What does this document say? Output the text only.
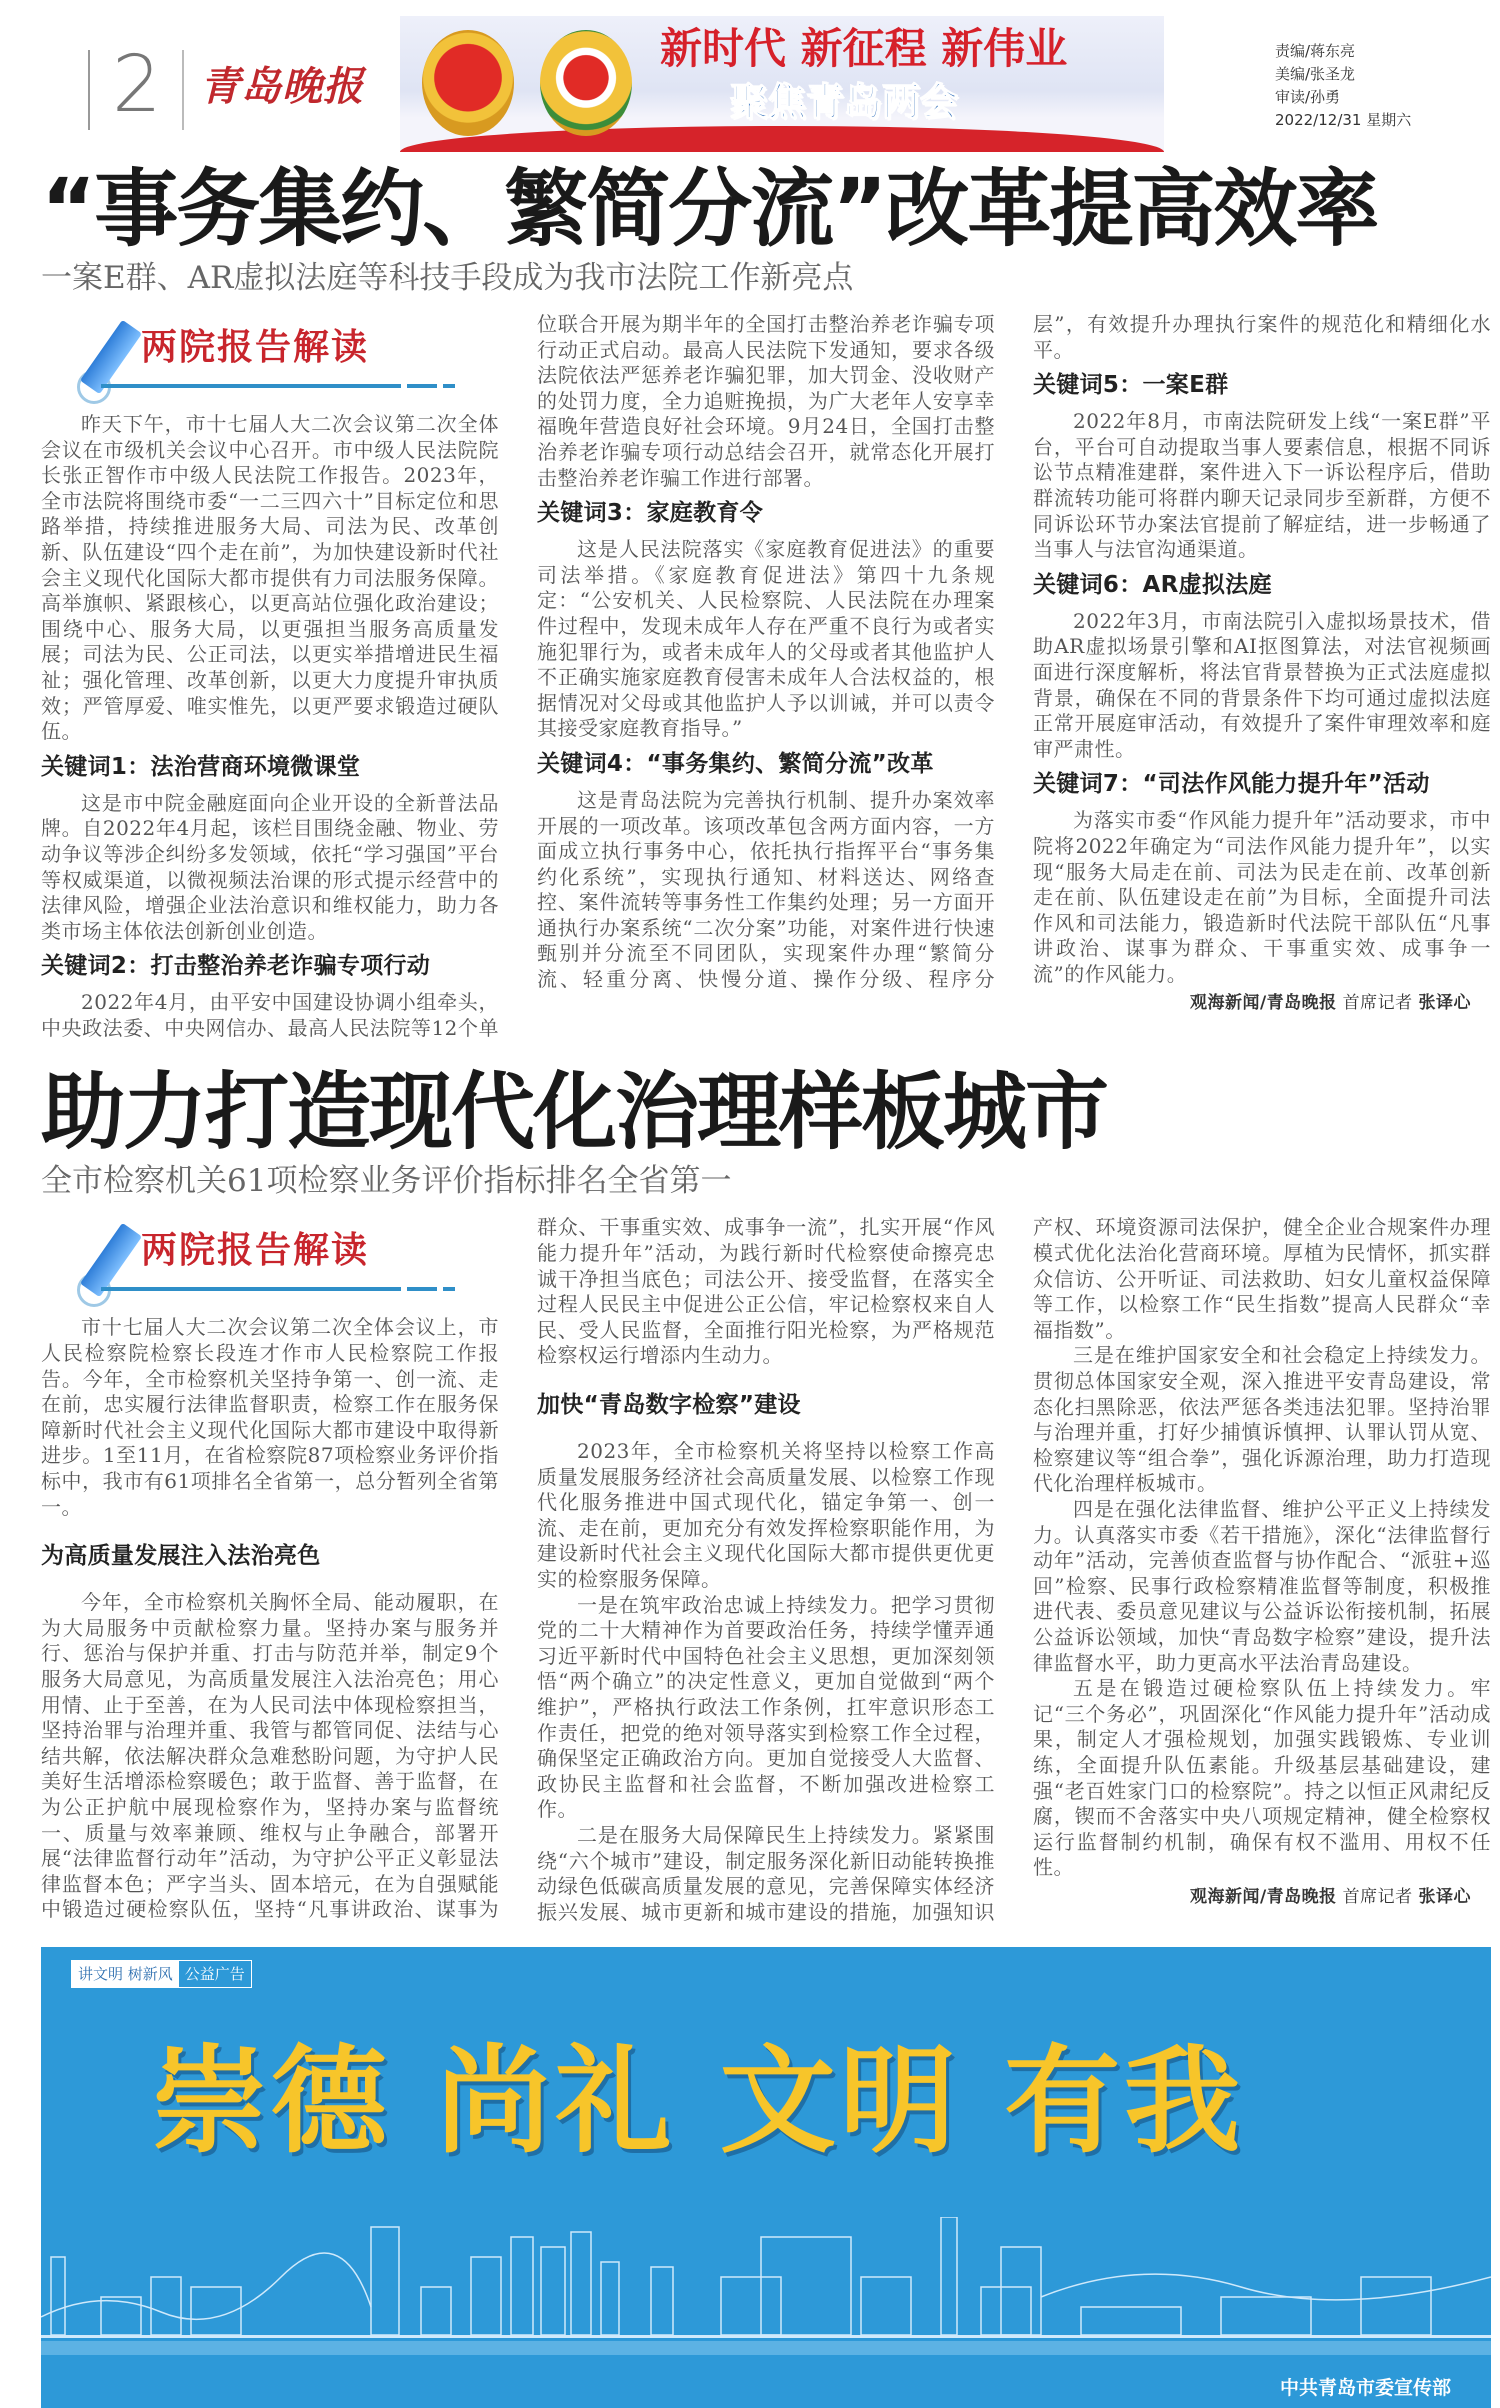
2 青岛晚报
新时代 新征程 新伟业
聚焦青岛两会
责编/蒋东亮
美编/张圣龙
审读/孙勇
2022/12/31 星期六
“事务集约、繁简分流”改革提高效率
一案E群、AR虚拟法庭等科技手段成为我市法院工作新亮点
两院报告解读

昨天下午，市十七届人大二次会议第二次全体会议在市级机关会议中心召开。市中级人民法院院长张正智作市中级人民法院工作报告。2023年，全市法院将围绕市委“一二三四六十”目标定位和思路举措，持续推进服务大局、司法为民、改革创新、队伍建设“四个走在前”，为加快建设新时代社会主义现代化国际大都市提供有力司法服务保障。高举旗帜、紧跟核心，以更高站位强化政治建设；围绕中心、服务大局，以更强担当服务高质量发展；司法为民、公正司法，以更实举措增进民生福祉；强化管理、改革创新，以更大力度提升审执质效；严管厚爱、唯实惟先，以更严要求锻造过硬队伍。

关键词1：法治营商环境微课堂

这是市中院金融庭面向企业开设的全新普法品牌。自2022年4月起，该栏目围绕金融、物业、劳动争议等涉企纠纷多发领域，依托“学习强国”平台等权威渠道，以微视频法治课的形式提示经营中的法律风险，增强企业法治意识和维权能力，助力各类市场主体依法创新创业创造。

关键词2：打击整治养老诈骗专项行动

2022年4月，由平安中国建设协调小组牵头，中央政法委、中央网信办、最高人民法院等12个单位联合开展为期半年的全国打击整治养老诈骗专项行动正式启动。最高人民法院下发通知，要求各级法院依法严惩养老诈骗犯罪，加大罚金、没收财产的处罚力度，全力追赃挽损，为广大老年人安享幸福晚年营造良好社会环境。9月24日，全国打击整治养老诈骗专项行动总结会召开，就常态化开展打击整治养老诈骗工作进行部署。

关键词3：家庭教育令

这是人民法院落实《家庭教育促进法》的重要司法举措。《家庭教育促进法》第四十九条规定：“公安机关、人民检察院、人民法院在办理案件过程中，发现未成年人存在严重不良行为或者实施犯罪行为，或者未成年人的父母或者其他监护人不正确实施家庭教育侵害未成年人合法权益的，根据情况对父母或其他监护人予以训诫，并可以责令其接受家庭教育指导。”

关键词4：“事务集约、繁简分流”改革

这是青岛法院为完善执行机制、提升办案效率开展的一项改革。该项改革包含两方面内容，一方面成立执行事务中心，依托执行指挥平台“事务集约化系统”，实现执行通知、材料送达、网络查控、案件流转等事务性工作集约处理；另一方面开通执行办案系统“二次分案”功能，对案件进行快速甄别并分流至不同团队，实现案件办理“繁简分流、轻重分离、快慢分道、操作分级、程序分层”，有效提升办理执行案件的规范化和精细化水平。

关键词5：一案E群

2022年8月，市南法院研发上线“一案E群”平台，平台可自动提取当事人要素信息，根据不同诉讼节点精准建群，案件进入下一诉讼程序后，借助群流转功能可将群内聊天记录同步至新群，方便不同诉讼环节办案法官提前了解症结，进一步畅通了当事人与法官沟通渠道。

关键词6：AR虚拟法庭

2022年3月，市南法院引入虚拟场景技术，借助AR虚拟场景引擎和AI抠图算法，对法官视频画面进行深度解析，将法官背景替换为正式法庭虚拟背景，确保在不同的背景条件下均可通过虚拟法庭正常开展庭审活动，有效提升了案件审理效率和庭审严肃性。

关键词7：“司法作风能力提升年”活动

为落实市委“作风能力提升年”活动要求，市中院将2022年确定为“司法作风能力提升年”，以实现“服务大局走在前、司法为民走在前、改革创新走在前、队伍建设走在前”为目标，全面提升司法作风和司法能力，锻造新时代法院干部队伍“凡事讲政治、谋事为群众、干事重实效、成事争一流”的作风能力。

观海新闻/青岛晚报 首席记者 张译心

助力打造现代化治理样板城市
全市检察机关61项检察业务评价指标排名全省第一
两院报告解读

市十七届人大二次会议第二次全体会议上，市人民检察院检察长段连才作市人民检察院工作报告。今年，全市检察机关坚持争第一、创一流、走在前，忠实履行法律监督职责，检察工作在服务保障新时代社会主义现代化国际大都市建设中取得新进步。1至11月，在省检察院87项检察业务评价指标中，我市有61项排名全省第一，总分暂列全省第一。

为高质量发展注入法治亮色

今年，全市检察机关胸怀全局、能动履职，在为大局服务中贡献检察力量。坚持办案与服务并行、惩治与保护并重、打击与防范并举，制定9个服务大局意见，为高质量发展注入法治亮色；用心用情、止于至善，在为人民司法中体现检察担当，坚持治罪与治理并重、我管与都管同促、法结与心结共解，依法解决群众急难愁盼问题，为守护人民美好生活增添检察暖色；敢于监督、善于监督，在为公正护航中展现检察作为，坚持办案与监督统一、质量与效率兼顾、维权与止争融合，部署开展“法律监督行动年”活动，为守护公平正义彰显法律监督本色；严字当头、固本培元，在为自强赋能中锻造过硬检察队伍，坚持“凡事讲政治、谋事为群众、干事重实效、成事争一流”，扎实开展“作风能力提升年”活动，为践行新时代检察使命擦亮忠诚干净担当底色；司法公开、接受监督，在落实全过程人民民主中促进公正公信，牢记检察权来自人民、受人民监督，全面推行阳光检察，为严格规范检察权运行增添内生动力。

加快“青岛数字检察”建设

2023年，全市检察机关将坚持以检察工作高质量发展服务经济社会高质量发展、以检察工作现代化服务推进中国式现代化，锚定争第一、创一流、走在前，更加充分有效发挥检察职能作用，为建设新时代社会主义现代化国际大都市提供更优更实的检察服务保障。

一是在筑牢政治忠诚上持续发力。把学习贯彻党的二十大精神作为首要政治任务，持续学懂弄通习近平新时代中国特色社会主义思想，更加深刻领悟“两个确立”的决定性意义，更加自觉做到“两个维护”，严格执行政法工作条例，扛牢意识形态工作责任，把党的绝对领导落实到检察工作全过程，确保坚定正确政治方向。更加自觉接受人大监督、政协民主监督和社会监督，不断加强改进检察工作。

二是在服务大局保障民生上持续发力。紧紧围绕“六个城市”建设，制定服务深化新旧动能转换推动绿色低碳高质量发展的意见，完善保障实体经济振兴发展、城市更新和城市建设的措施，加强知识产权、环境资源司法保护，健全企业合规案件办理模式优化法治化营商环境。厚植为民情怀，抓实群众信访、公开听证、司法救助、妇女儿童权益保障等工作，以检察工作“民生指数”提高人民群众“幸福指数”。

三是在维护国家安全和社会稳定上持续发力。贯彻总体国家安全观，深入推进平安青岛建设，常态化扫黑除恶，依法严惩各类违法犯罪。坚持治罪与治理并重，打好少捕慎诉慎押、认罪认罚从宽、检察建议等“组合拳”，强化诉源治理，助力打造现代化治理样板城市。

四是在强化法律监督、维护公平正义上持续发力。认真落实市委《若干措施》，深化“法律监督行动年”活动，完善侦查监督与协作配合、“派驻+巡回”检察、民事行政检察精准监督等制度，积极推进代表、委员意见建议与公益诉讼衔接机制，拓展公益诉讼领域，加快“青岛数字检察”建设，提升法律监督水平，助力更高水平法治青岛建设。

五是在锻造过硬检察队伍上持续发力。牢记“三个务必”，巩固深化“作风能力提升年”活动成果，制定人才强检规划，加强实践锻炼、专业训练，全面提升队伍素能。升级基层基础建设，建强“老百姓家门口的检察院”。持之以恒正风肃纪反腐，锲而不舍落实中央八项规定精神，健全检察权运行监督制约机制，确保有权不滥用、用权不任性。

观海新闻/青岛晚报 首席记者 张译心

讲文明 树新风 公益广告
崇德 尚礼 文明 有我
中共青岛市委宣传部
